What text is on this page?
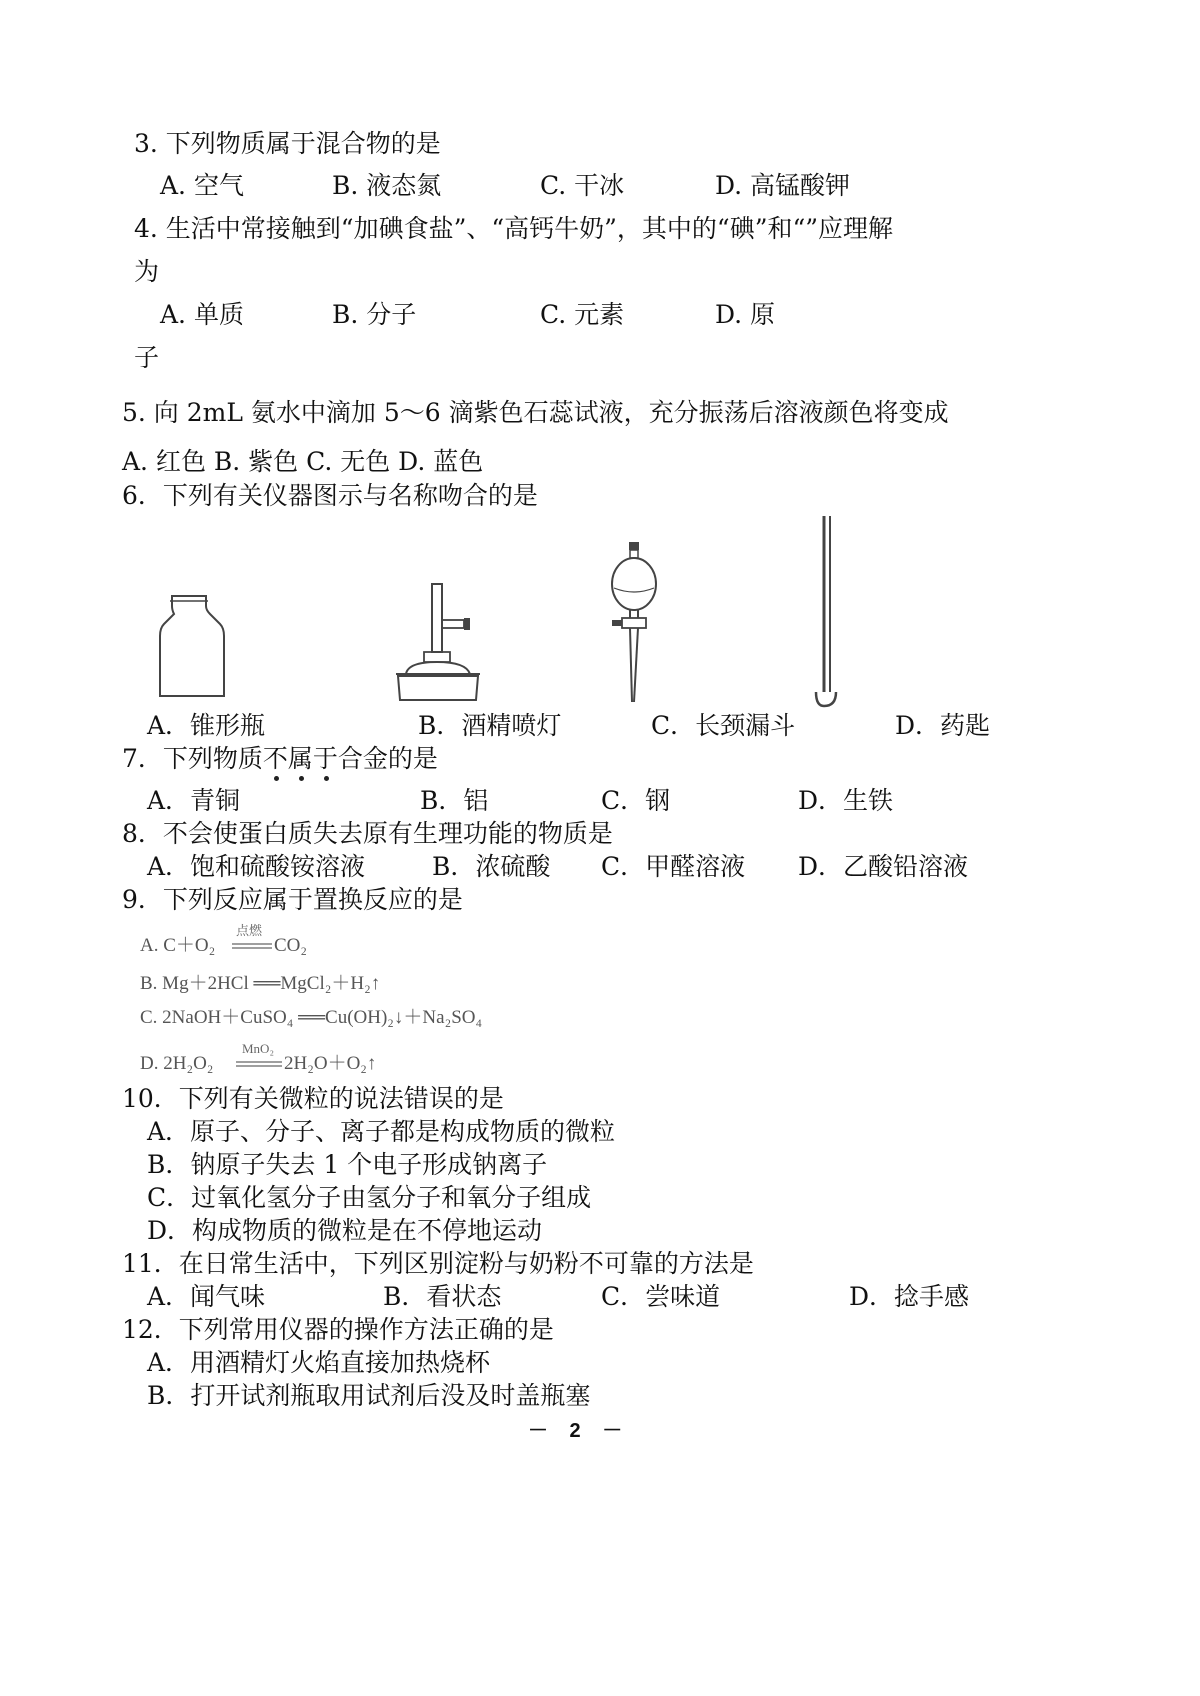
3. 下列物质属于混合物的是
A. 空气	B. 液态氮	C. 干冰	D. 高锰酸钾
4. 生活中常接触到“加碘食盐”、“高钙牛奶”，其中的“碘”和“”应理解
为
A. 单质	B. 分子	C. 元素	D. 原
子
5. 向 2mL 氨水中滴加 5〜6 滴紫色石蕊试液，充分振荡后溶液颜色将变成
A. 红色 B. 紫色 C. 无色 D. 蓝色
6．下列有关仪器图示与名称吻合的是
A．锥形瓶	B．酒精喷灯	C．长颈漏斗	D．药匙
7．下列物质不属于合金的是
A．青铜	B．铝	C．钢	D．生铁
8．不会使蛋白质失去原有生理功能的物质是
A．饱和硫酸铵溶液	B．浓硫酸 C．甲醛溶液 D．乙酸铅溶液
9．下列反应属于置换反应的是
A. C＋O₂
点燃
CO₂
B. Mg＋2HCl ══MgCl₂＋H₂↑
C. 2NaOH＋CuSO₄ ══Cu(OH)₂↓＋Na₂SO₄
D. 2H₂O₂
MnO₂
2H₂O＋O₂↑
10．下列有关微粒的说法错误的是
A．原子、分子、离子都是构成物质的微粒
B．钠原子失去 1 个电子形成钠离子
C．过氧化氢分子由氢分子和氧分子组成
D．构成物质的微粒是在不停地运动
11．在日常生活中，下列区别淀粉与奶粉不可靠的方法是
A．闻气味	B．看状态	C．尝味道	D．捻手感
12．下列常用仪器的操作方法正确的是
A．用酒精灯火焰直接加热烧杯
B．打开试剂瓶取用试剂后没及时盖瓶塞
－ 2 －
